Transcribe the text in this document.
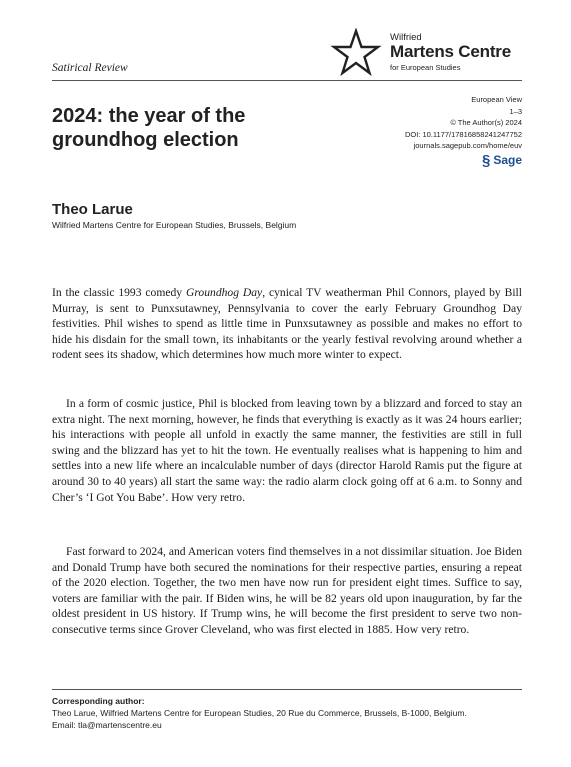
Wilfried
Martens Centre
for European Studies
Satirical Review
European View
1–3
© The Author(s) 2024
DOI: 10.1177/17816858241247752
journals.sagepub.com/home/euv
§ Sage
2024: the year of the
groundhog election
Theo Larue
Wilfried Martens Centre for European Studies, Brussels, Belgium

In the classic 1993 comedy Groundhog Day, cynical TV weatherman Phil Connors, played by Bill Murray, is sent to Punxsutawney, Pennsylvania to cover the early February Groundhog Day festivities. Phil wishes to spend as little time in Punxsutawney as possible and makes no effort to hide his disdain for the small town, its inhabitants or the yearly festival revolving around whether a rodent sees its shadow, which determines how much more winter to expect.

In a form of cosmic justice, Phil is blocked from leaving town by a blizzard and forced to stay an extra night. The next morning, however, he finds that everything is exactly as it was 24 hours earlier; his interactions with people all unfold in exactly the same manner, the festivities are still in full swing and the blizzard has yet to hit the town. He eventually realises what is happening to him and settles into a new life where an incalculable number of days (director Harold Ramis put the figure at around 30 to 40 years) all start the same way: the radio alarm clock going off at 6 a.m. to Sonny and Cher’s ‘I Got You Babe’. How very retro.

Fast forward to 2024, and American voters find themselves in a not dissimilar situation. Joe Biden and Donald Trump have both secured the nominations for their respective parties, ensuring a repeat of the 2020 election. Together, the two men have now run for president eight times. Suffice to say, voters are familiar with the pair. If Biden wins, he will be 82 years old upon inauguration, by far the oldest president in US history. If Trump wins, he will become the first president to serve two non-consecutive terms since Grover Cleveland, who was first elected in 1885. How very retro.

Corresponding author:
Theo Larue, Wilfried Martens Centre for European Studies, 20 Rue du Commerce, Brussels, B-1000, Belgium.
Email: tla@martenscentre.eu
